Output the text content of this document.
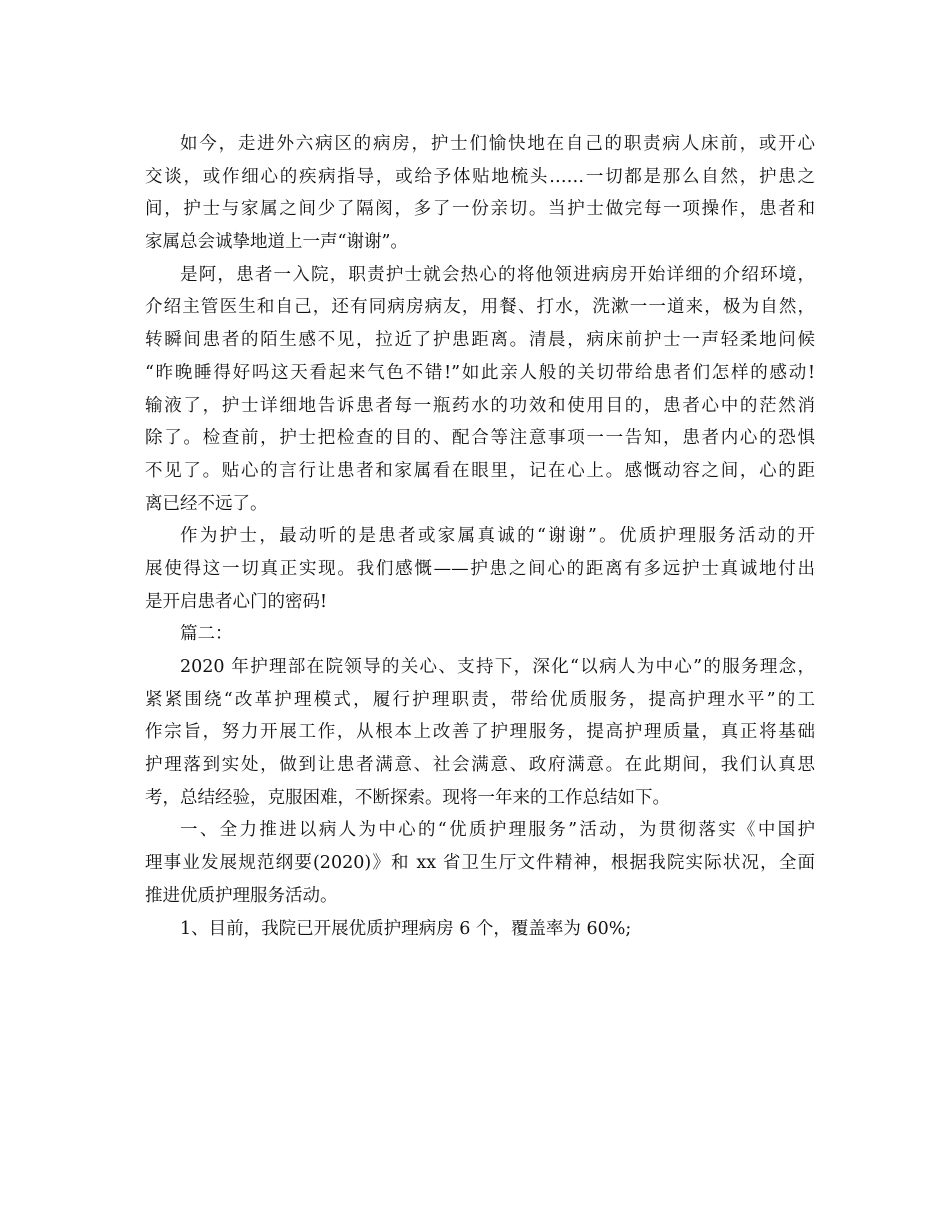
如今，走进外六病区的病房，护士们愉快地在自己的职责病人床前，或开心
交谈，或作细心的疾病指导，或给予体贴地梳头……一切都是那么自然，护患之
间，护士与家属之间少了隔阂，多了一份亲切。当护士做完每一项操作，患者和
家属总会诚挚地道上一声“谢谢”。
是阿，患者一入院，职责护士就会热心的将他领进病房开始详细的介绍环境，
介绍主管医生和自己，还有同病房病友，用餐、打水，洗漱一一道来，极为自然，
转瞬间患者的陌生感不见，拉近了护患距离。清晨，病床前护士一声轻柔地问候
“昨晚睡得好吗这天看起来气色不错!”如此亲人般的关切带给患者们怎样的感动!
输液了，护士详细地告诉患者每一瓶药水的功效和使用目的，患者心中的茫然消
除了。检查前，护士把检查的目的、配合等注意事项一一告知，患者内心的恐惧
不见了。贴心的言行让患者和家属看在眼里，记在心上。感慨动容之间，心的距
离已经不远了。
作为护士，最动听的是患者或家属真诚的“谢谢”。优质护理服务活动的开
展使得这一切真正实现。我们感慨——护患之间心的距离有多远护士真诚地付出
是开启患者心门的密码!
篇二：
2020 年护理部在院领导的关心、支持下，深化“以病人为中心”的服务理念，
紧紧围绕“改革护理模式，履行护理职责，带给优质服务，提高护理水平”的工
作宗旨，努力开展工作，从根本上改善了护理服务，提高护理质量，真正将基础
护理落到实处，做到让患者满意、社会满意、政府满意。在此期间，我们认真思
考，总结经验，克服困难，不断探索。现将一年来的工作总结如下。
一、全力推进以病人为中心的“优质护理服务”活动，为贯彻落实《中国护
理事业发展规范纲要(2020)》和 xx 省卫生厅文件精神，根据我院实际状况，全面
推进优质护理服务活动。
1、目前，我院已开展优质护理病房 6 个，覆盖率为 60%;
